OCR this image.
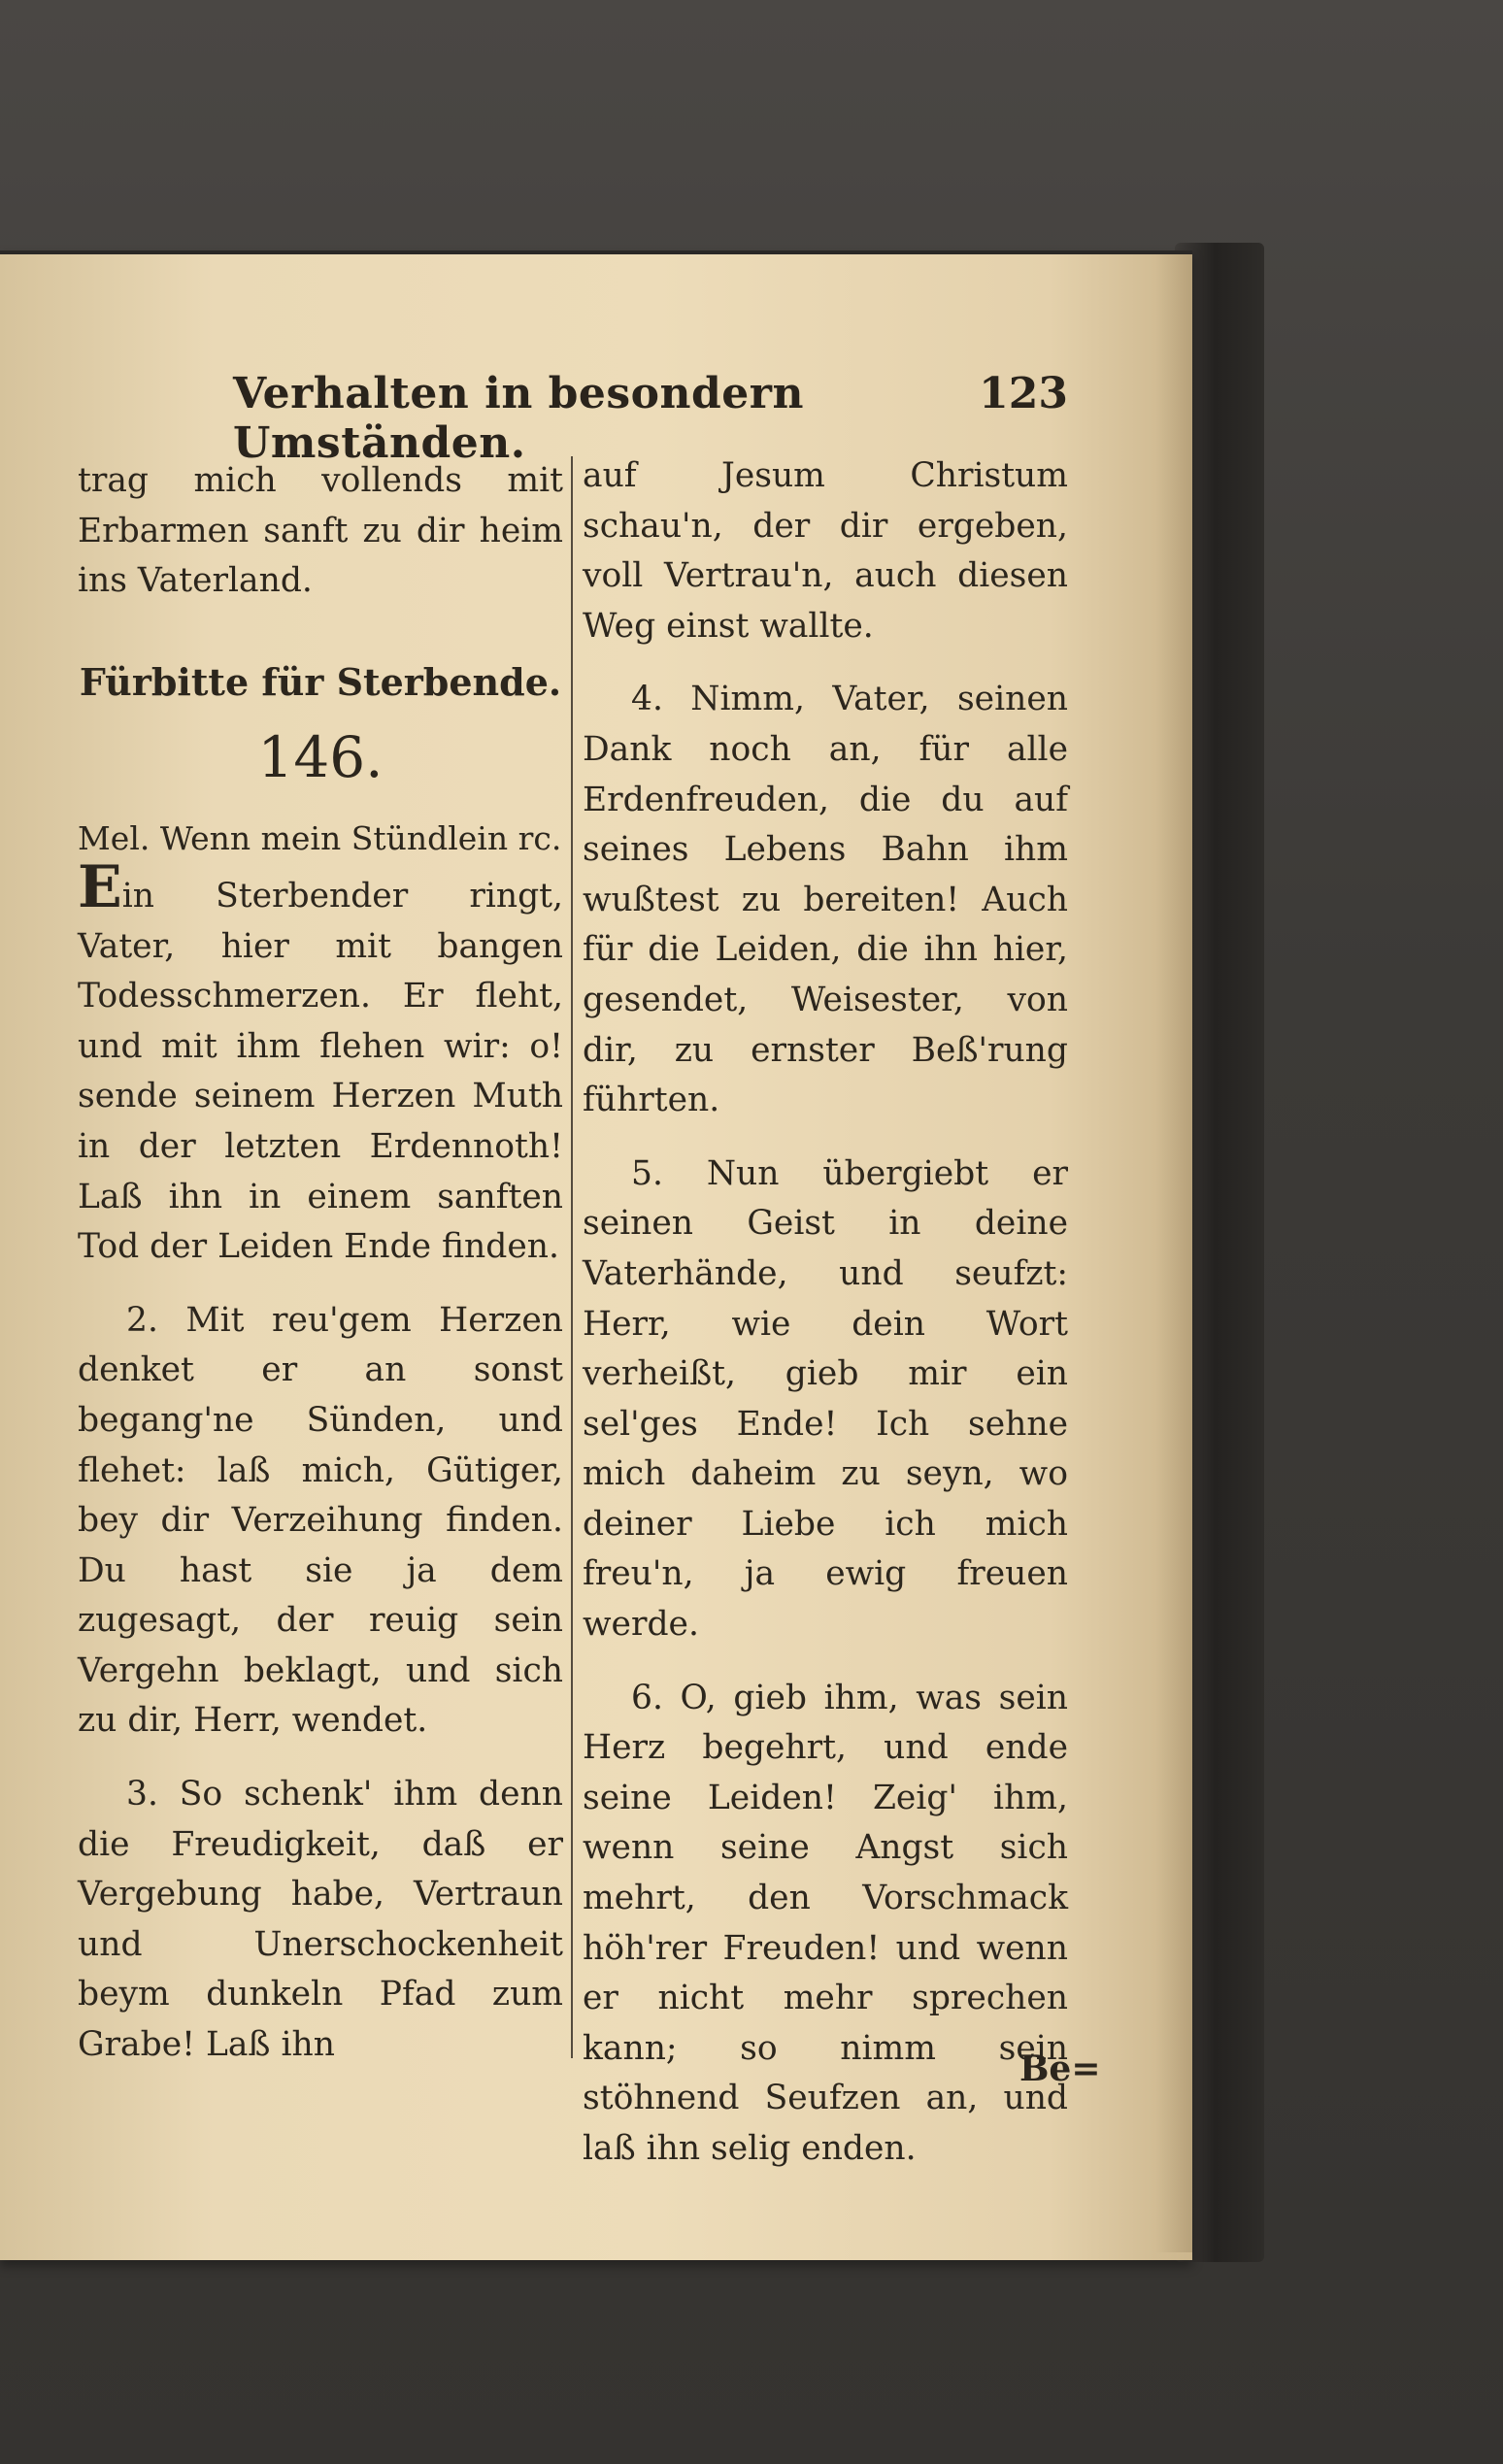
Verhalten in besondern Umständen.
123

trag mich vollends mit Erbarmen sanft zu dir heim ins Vaterland.

Fürbitte für Sterbende.

146.

Mel. Wenn mein Stündlein rc.

Ein Sterbender ringt, Vater, hier mit bangen Todesschmerzen. Er fleht, und mit ihm flehen wir: o! sende seinem Herzen Muth in der letzten Erdennoth! Laß ihn in einem sanften Tod der Leiden Ende finden.

2. Mit reu'gem Herzen denket er an sonst begang'ne Sünden, und flehet: laß mich, Gütiger, bey dir Verzeihung finden. Du hast sie ja dem zugesagt, der reuig sein Vergehn beklagt, und sich zu dir, Herr, wendet.

3. So schenk' ihm denn die Freudigkeit, daß er Vergebung habe, Vertraun und Unerschockenheit beym dunkeln Pfad zum Grabe! Laß ihn

auf Jesum Christum schau'n, der dir ergeben, voll Vertrau'n, auch diesen Weg einst wallte.

4. Nimm, Vater, seinen Dank noch an, für alle Erdenfreuden, die du auf seines Lebens Bahn ihm wußtest zu bereiten! Auch für die Leiden, die ihn hier, gesendet, Weisester, von dir, zu ernster Beß'rung führten.

5. Nun übergiebt er seinen Geist in deine Vaterhände, und seufzt: Herr, wie dein Wort verheißt, gieb mir ein sel'ges Ende! Ich sehne mich daheim zu seyn, wo deiner Liebe ich mich freu'n, ja ewig freuen werde.

6. O, gieb ihm, was sein Herz begehrt, und ende seine Leiden! Zeig' ihm, wenn seine Angst sich mehrt, den Vorschmack höh'rer Freuden! und wenn er nicht mehr sprechen kann; so nimm sein stöhnend Seufzen an, und laß ihn selig enden.

Be=
